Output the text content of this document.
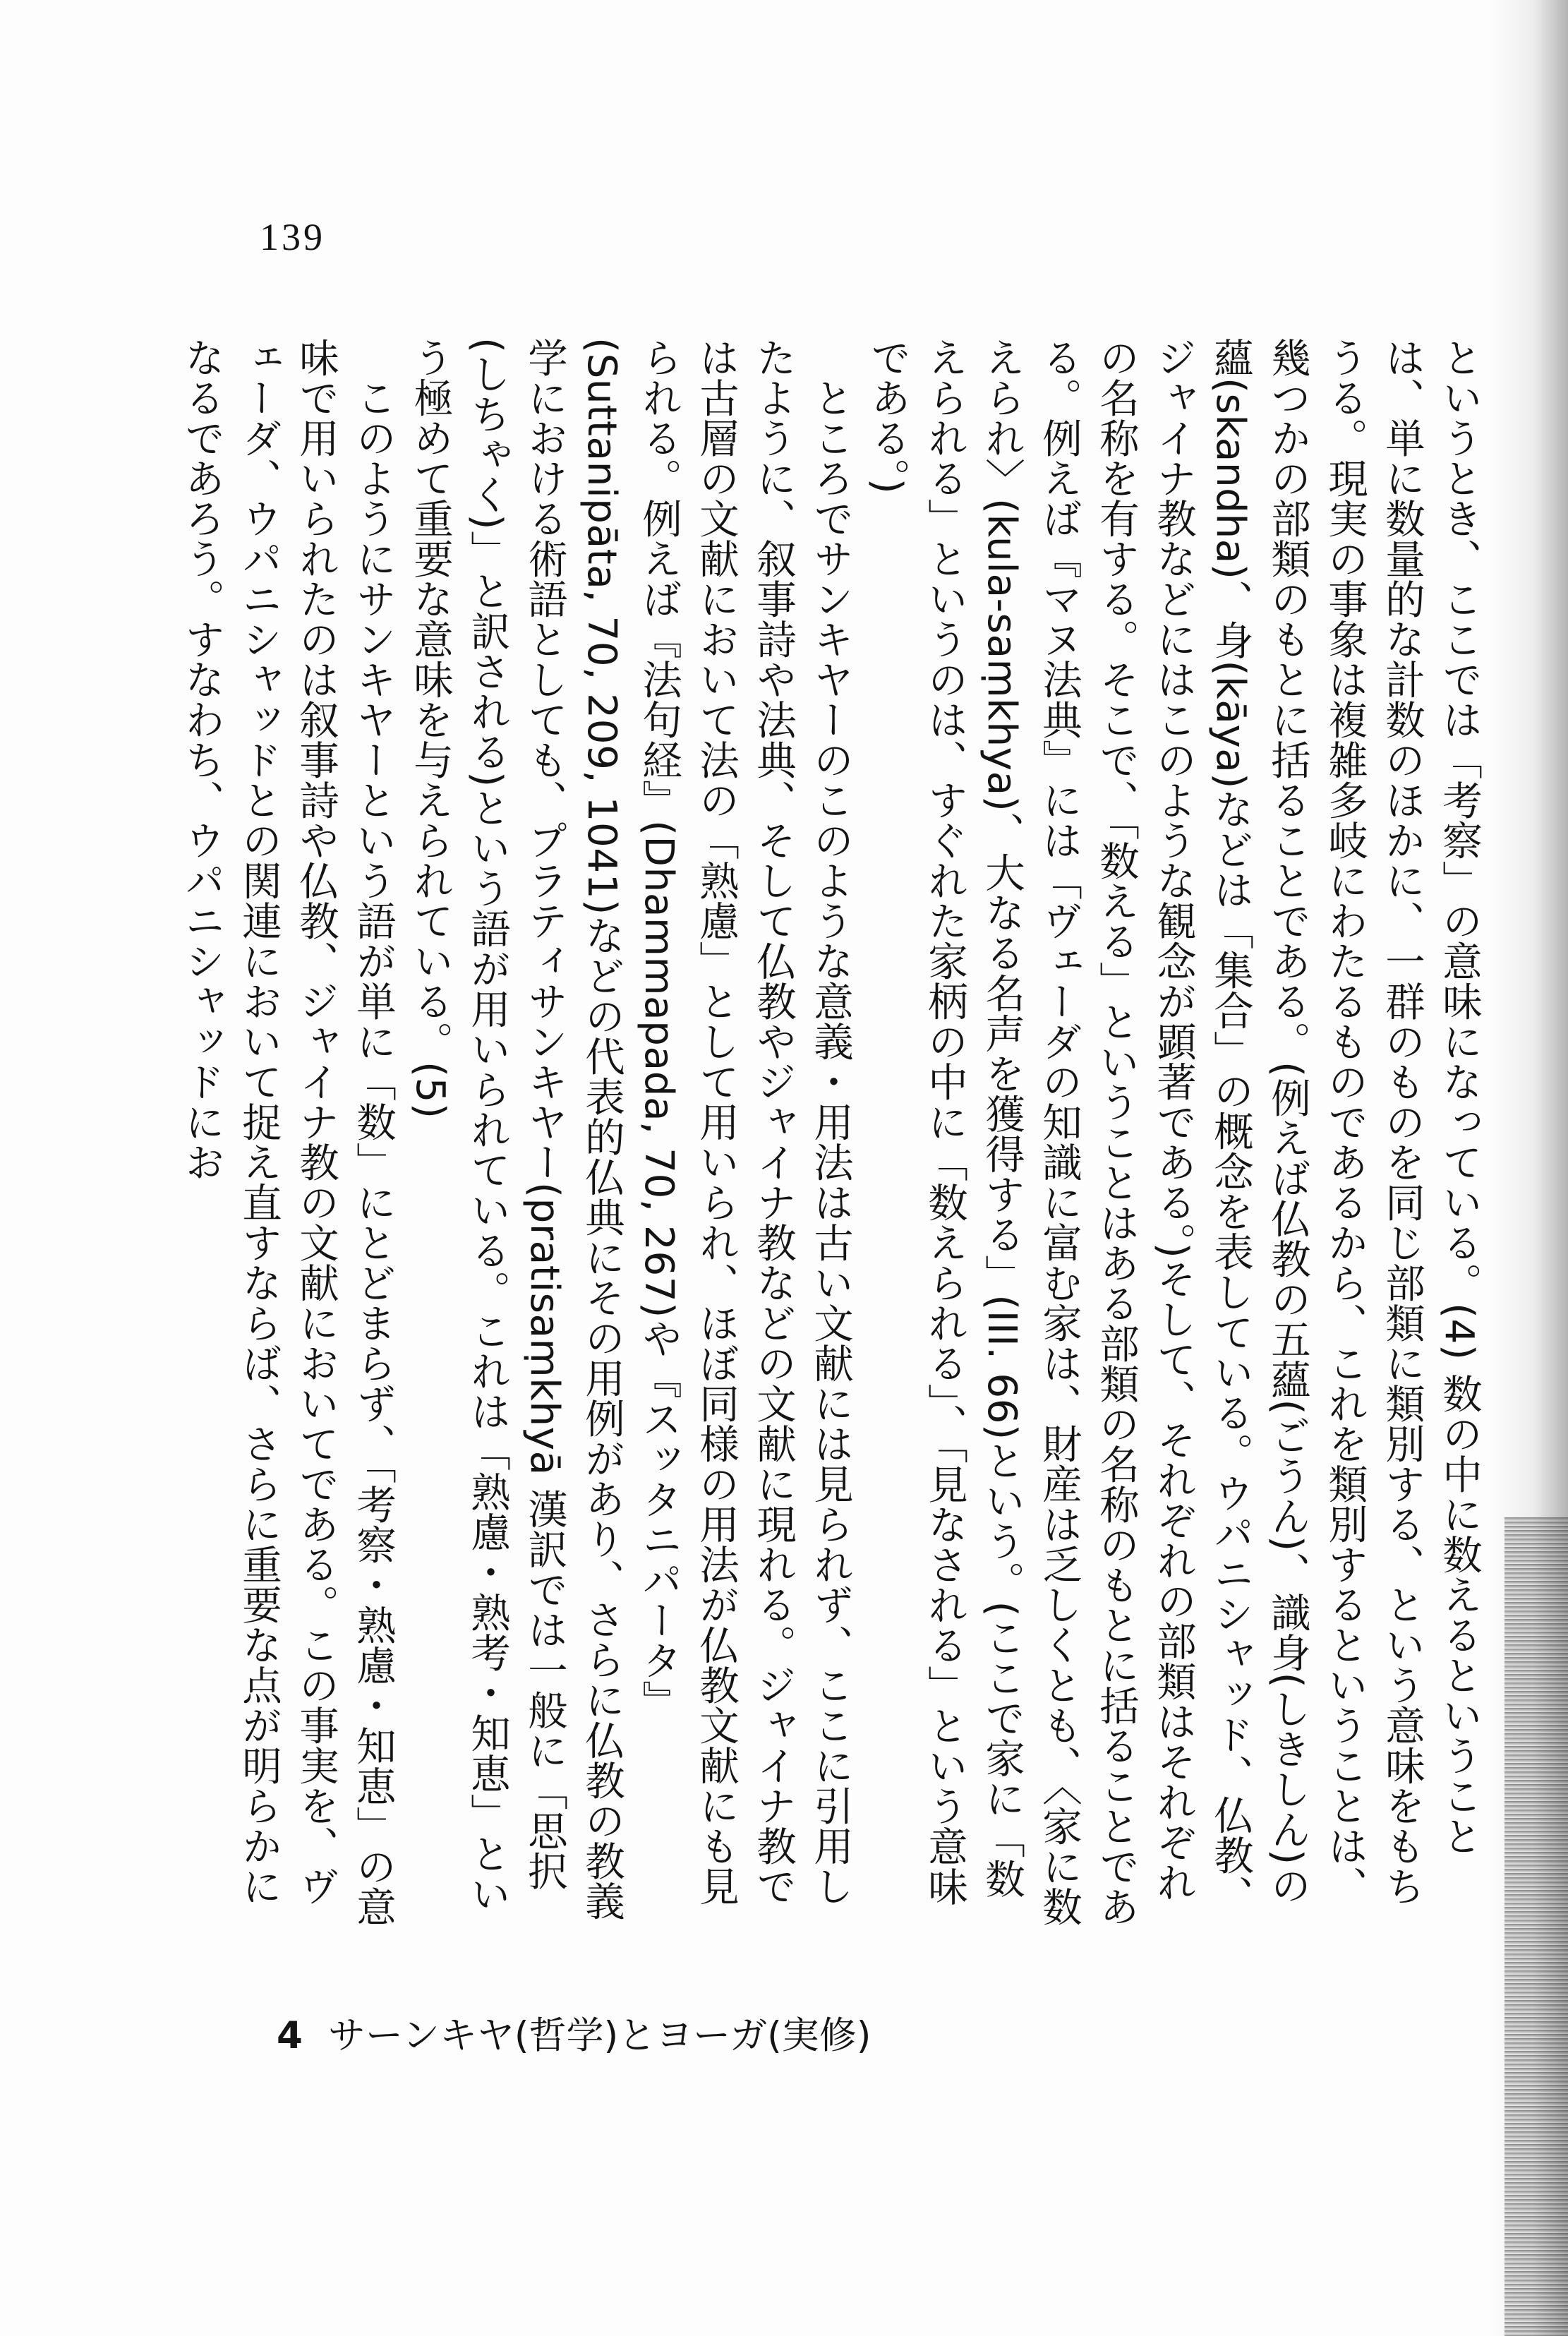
139

というとき、ここでは「考察」の意味になっている。(4) 数の中に数えるということは、単に数量的な計数のほかに、一群のものを同じ部類に類別する、という意味をもちうる。現実の事象は複雑多岐にわたるものであるから、これを類別するということは、幾つかの部類のもとに括ることである。(例えば仏教の五蘊(ごうん)、識身(しきしん)の蘊(skandha)、身(kāya)などは「集合」の概念を表している。ウパニシャッド、仏教、ジャイナ教などにはこのような観念が顕著である。)そして、それぞれの部類はそれぞれの名称を有する。そこで、「数える」ということはある部類の名称のもとに括ることである。例えば『マヌ法典』には「ヴェーダの知識に富む家は、財産は乏しくとも、〈家に数えられ〉(kula-saṃkhya)、大なる名声を獲得する」(III. 66)という。(ここで家に「数えられる」というのは、すぐれた家柄の中に「数えられる」、「見なされる」という意味である。)

ところでサンキヤーのこのような意義・用法は古い文献には見られず、ここに引用したように、叙事詩や法典、そして仏教やジャイナ教などの文献に現れる。ジャイナ教では古層の文献において法の「熟慮」として用いられ、ほぼ同様の用法が仏教文献にも見られる。例えば『法句経』(Dhammapada, 70, 267)や『スッタニパータ』(Suttanipāta, 70, 209, 1041)などの代表的仏典にその用例があり、さらに仏教の教義学における術語としても、プラティサンキヤー(pratisaṃkhyā 漢訳では一般に「思択(しちゃく)」と訳される)という語が用いられている。これは「熟慮・熟考・知恵」という極めて重要な意味を与えられている。(5)

このようにサンキヤーという語が単に「数」にとどまらず、「考察・熟慮・知恵」の意味で用いられたのは叙事詩や仏教、ジャイナ教の文献においてである。この事実を、ヴェーダ、ウパニシャッドとの関連において捉え直すならば、さらに重要な点が明らかになるであろう。すなわち、ウパニシャッドにお

4 サーンキヤ(哲学)とヨーガ(実修)
